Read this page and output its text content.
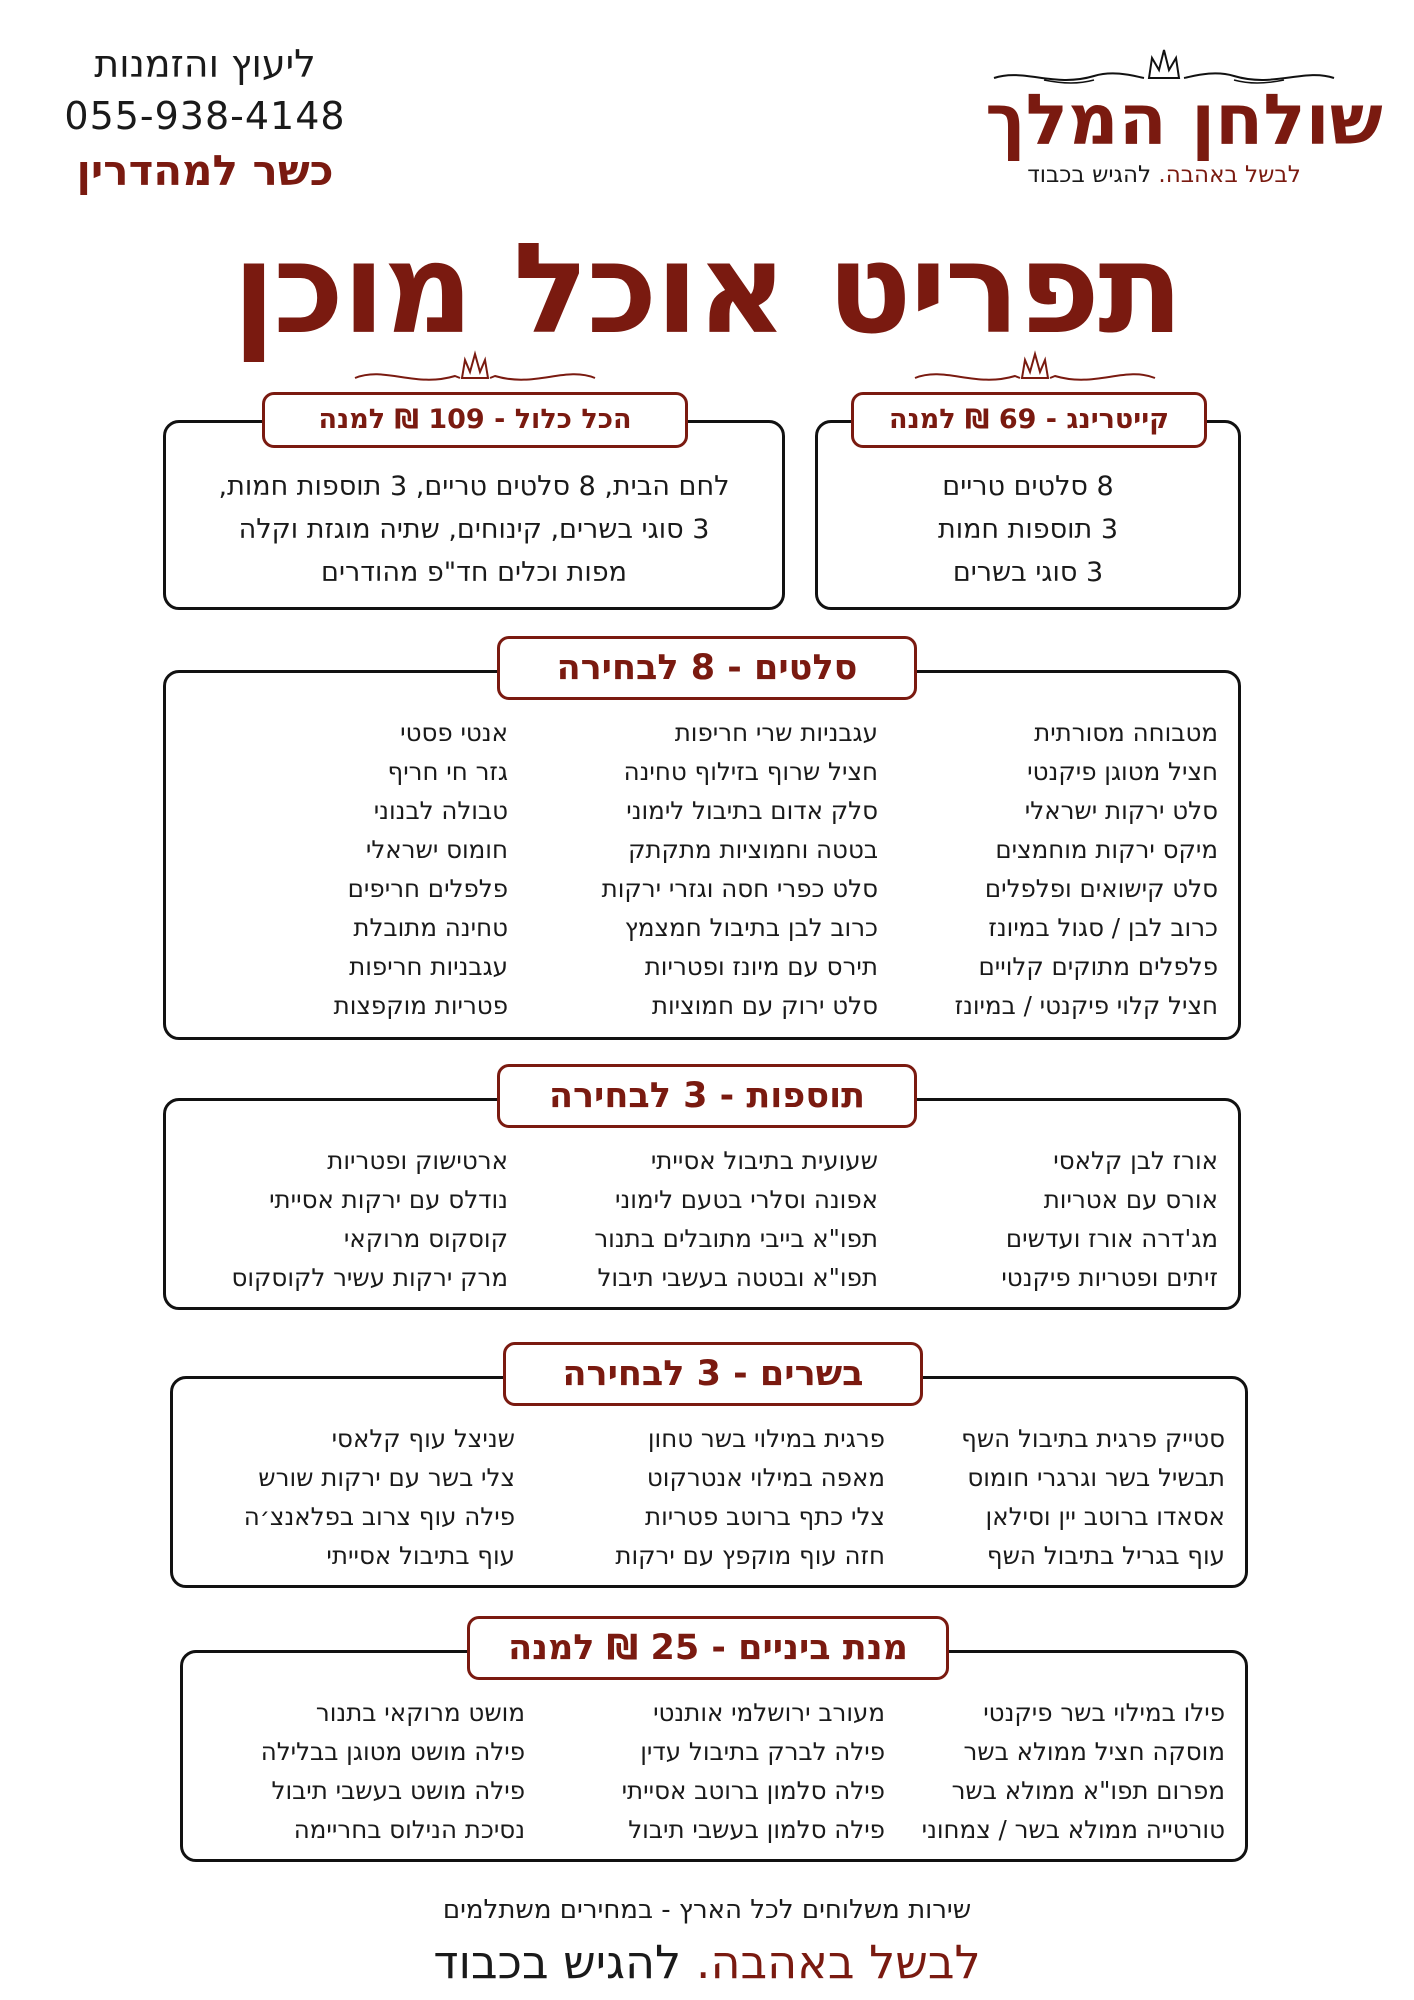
ליעוץ והזמנות
055-938-4148
כשר למהדרין
שולחן המלך
לבשל באהבה. להגיש בכבוד
תפריט אוכל מוכן
לחם הבית, 8 סלטים טריים, 3 תוספות חמות,
3 סוגי בשרים, קינוחים, שתיה מוגזת וקלה
מפות וכלים חד"פ מהודרים
הכל כלול - 109 ₪ למנה
8 סלטים טריים
3 תוספות חמות
3 סוגי בשרים
קייטרינג - 69 ₪ למנה
מטבוחה מסורתית
חציל מטוגן פיקנטי
סלט ירקות ישראלי
מיקס ירקות מוחמצים
סלט קישואים ופלפלים
כרוב לבן / סגול במיונז
פלפלים מתוקים קלויים
חציל קלוי פיקנטי / במיונז
עגבניות שרי חריפות
חציל שרוף בזילוף טחינה
סלק אדום בתיבול לימוני
בטטה וחמוציות מתקתק
סלט כפרי חסה וגזרי ירקות
כרוב לבן בתיבול חמצמץ
תירס עם מיונז ופטריות
סלט ירוק עם חמוציות
אנטי פסטי
גזר חי חריף
טבולה לבנוני
חומוס ישראלי
פלפלים חריפים
טחינה מתובלת
עגבניות חריפות
פטריות מוקפצות
סלטים - 8 לבחירה
אורז לבן קלאסי
אורס עם אטריות
מג'דרה אורז ועדשים
זיתים ופטריות פיקנטי
שעועית בתיבול אסייתי
אפונה וסלרי בטעם לימוני
תפו"א בייבי מתובלים בתנור
תפו"א ובטטה בעשבי תיבול
ארטישוק ופטריות
נודלס עם ירקות אסייתי
קוסקוס מרוקאי
מרק ירקות עשיר לקוסקוס
תוספות - 3 לבחירה
סטייק פרגית בתיבול השף
תבשיל בשר וגרגרי חומוס
אסאדו ברוטב יין וסילאן
עוף בגריל בתיבול השף
פרגית במילוי בשר טחון
מאפה במילוי אנטרקוט
צלי כתף ברוטב פטריות
חזה עוף מוקפץ עם ירקות
שניצל עוף קלאסי
צלי בשר עם ירקות שורש
פילה עוף צרוב בפלאנצ׳ה
עוף בתיבול אסייתי
בשרים - 3 לבחירה
פילו במילוי בשר פיקנטי
מוסקה חציל ממולא בשר
מפרום תפו"א ממולא בשר
טורטייה ממולא בשר / צמחוני
מעורב ירושלמי אותנטי
פילה לברק בתיבול עדין
פילה סלמון ברוטב אסייתי
פילה סלמון בעשבי תיבול
מושט מרוקאי בתנור
פילה מושט מטוגן בבלילה
פילה מושט בעשבי תיבול
נסיכת הנילוס בחריימה
מנת ביניים - 25 ₪ למנה
שירות משלוחים לכל הארץ - במחירים משתלמים
לבשל באהבה. להגיש בכבוד
